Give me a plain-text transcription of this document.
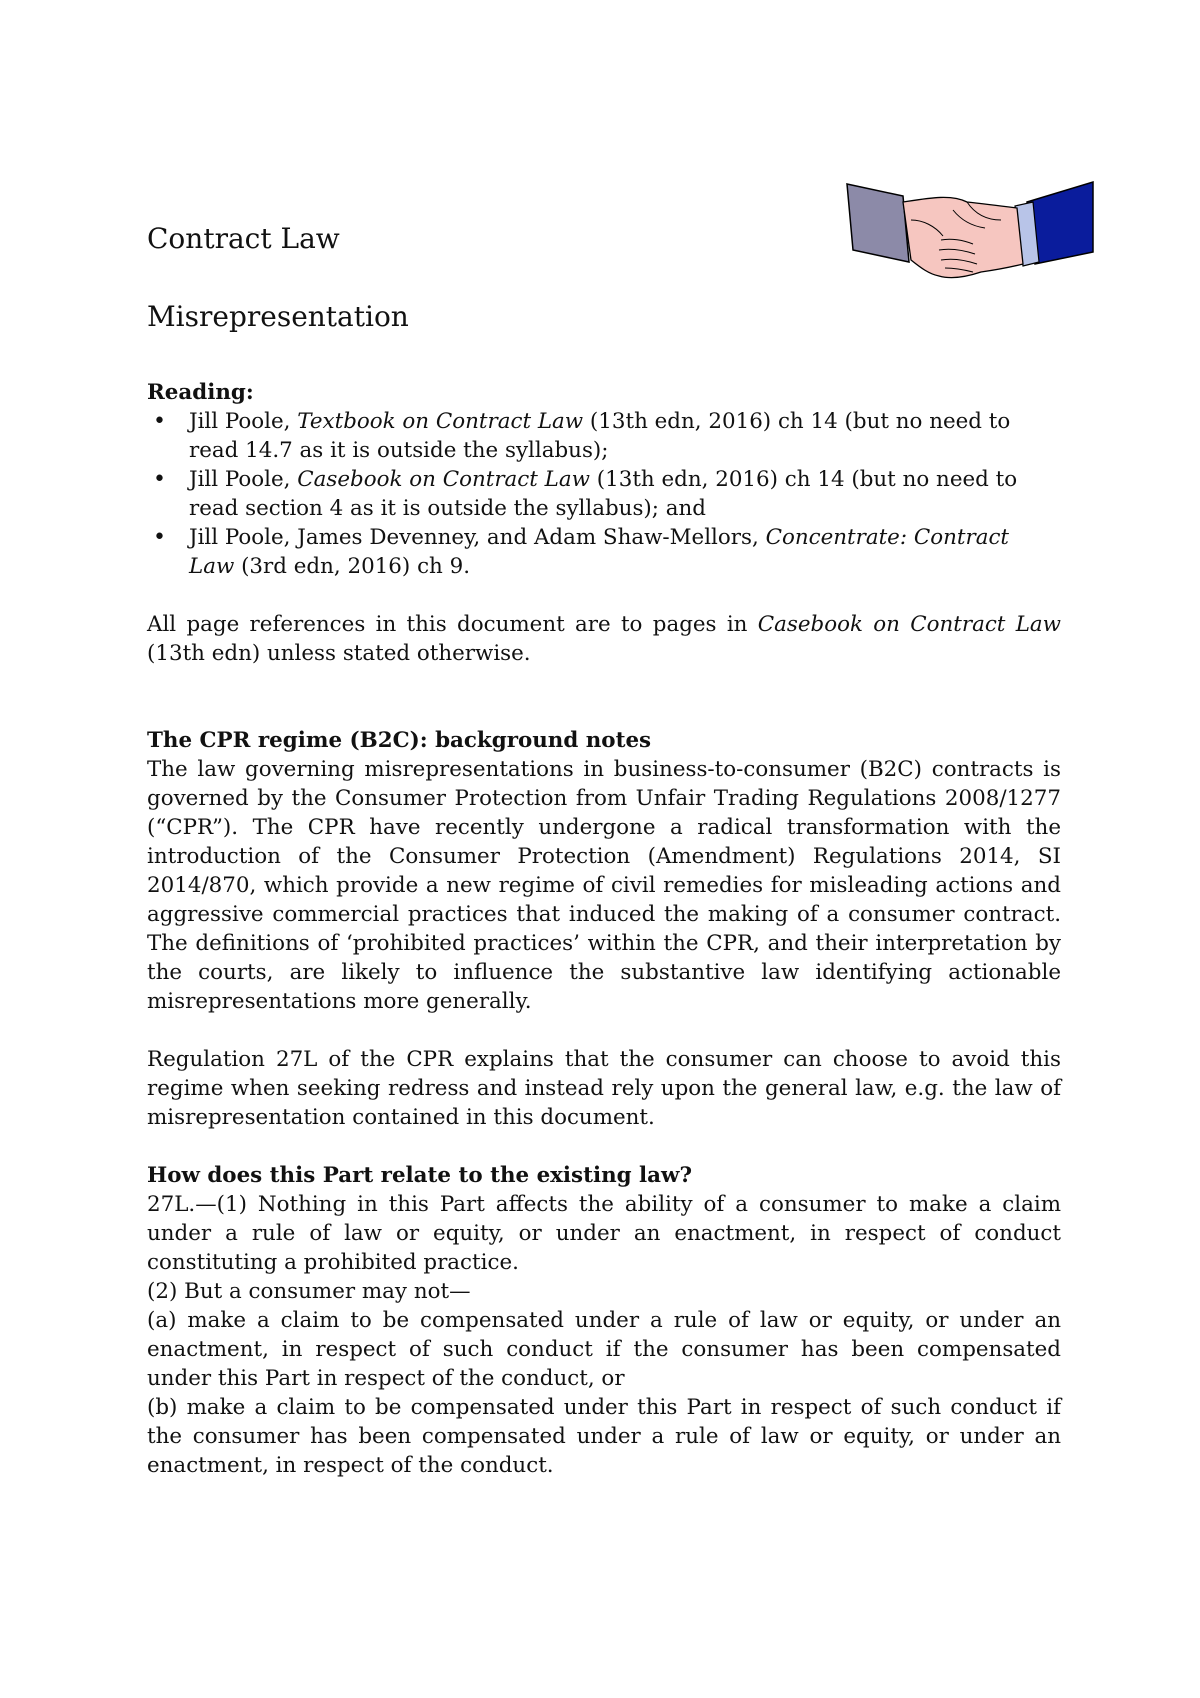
Contract Law
Misrepresentation
Reading:
• Jill Poole, Textbook on Contract Law (13th edn, 2016) ch 14 (but no need to read 14.7 as it is outside the syllabus);
• Jill Poole, Casebook on Contract Law (13th edn, 2016) ch 14 (but no need to read section 4 as it is outside the syllabus); and
• Jill Poole, James Devenney, and Adam Shaw-Mellors, Concentrate: Contract Law (3rd edn, 2016) ch 9.

All page references in this document are to pages in Casebook on Contract Law (13th edn) unless stated otherwise.

The CPR regime (B2C): background notes

The law governing misrepresentations in business-to-consumer (B2C) contracts is governed by the Consumer Protection from Unfair Trading Regulations 2008/1277 (“CPR”). The CPR have recently undergone a radical transformation with the introduction of the Consumer Protection (Amendment) Regulations 2014, SI 2014/870, which provide a new regime of civil remedies for misleading actions and aggressive commercial practices that induced the making of a consumer contract. The definitions of ‘prohibited practices’ within the CPR, and their interpretation by the courts, are likely to influence the substantive law identifying actionable misrepresentations more generally.

Regulation 27L of the CPR explains that the consumer can choose to avoid this regime when seeking redress and instead rely upon the general law, e.g. the law of misrepresentation contained in this document.

How does this Part relate to the existing law?

27L.—(1) Nothing in this Part affects the ability of a consumer to make a claim under a rule of law or equity, or under an enactment, in respect of conduct constituting a prohibited practice.

(2) But a consumer may not—

(a) make a claim to be compensated under a rule of law or equity, or under an enactment, in respect of such conduct if the consumer has been compensated under this Part in respect of the conduct, or

(b) make a claim to be compensated under this Part in respect of such conduct if the consumer has been compensated under a rule of law or equity, or under an enactment, in respect of the conduct.
